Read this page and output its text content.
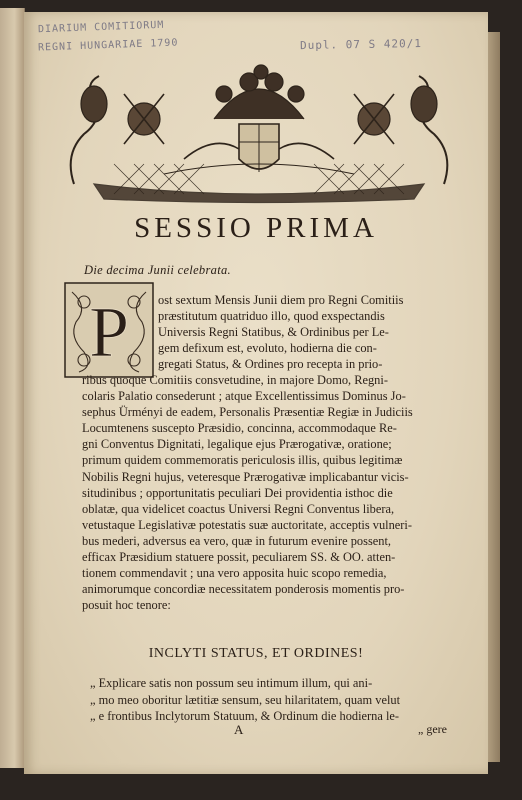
DIARIUM COMITIORUM
REGNI HUNGARIAE 1790	Dupl. 07 S 420/1
SESSIO PRIMA
Die decima Junii celebrata.
P	ost sextum Mensis Junii diem pro Regni Comitiis
præstitutum quatriduo illo, quod exspectandis
Universis Regni Statibus, & Ordinibus per Le-
gem defixum est, evoluto, hodierna die con-
gregati Status, & Ordines pro recepta in prio-
ribus quoque Comitiis consvetudine, in majore Domo, Regni-
colaris Palatio consederunt ; atque Excellentissimus Dominus Jo-
sephus Ürményi de eadem, Personalis Præsentiæ Regiæ in Judiciis
Locumtenens suscepto Præsidio, concinna, accommodaque Re-
gni Conventus Dignitati, legalique ejus Prærogativæ, oratione;
primum quidem commemoratis periculosis illis, quibus legitimæ
Nobilis Regni hujus, veteresque Prærogativæ implicabantur vicis-
situdinibus ; opportunitatis peculiari Dei providentia isthoc die
oblatæ, qua videlicet coactus Universi Regni Conventus libera,
vetustaque Legislativæ potestatis suæ auctoritate, acceptis vulneri-
bus mederi, adversus ea vero, quæ in futurum evenire possent,
efficax Præsidium statuere possit, peculiarem SS. & OO. atten-
tionem commendavit ; una vero apposita huic scopo remedia,
animorumque concordiæ necessitatem ponderosis momentis pro-
posuit hoc tenore:
INCLYTI STATUS, ET ORDINES!
„ Explicare satis non possum seu intimum illum, qui ani-
„ mo meo oboritur lætitiæ sensum, seu hilaritatem, quam velut
„ e frontibus Inclytorum Statuum, & Ordinum die hodierna le-
A	„ gere
